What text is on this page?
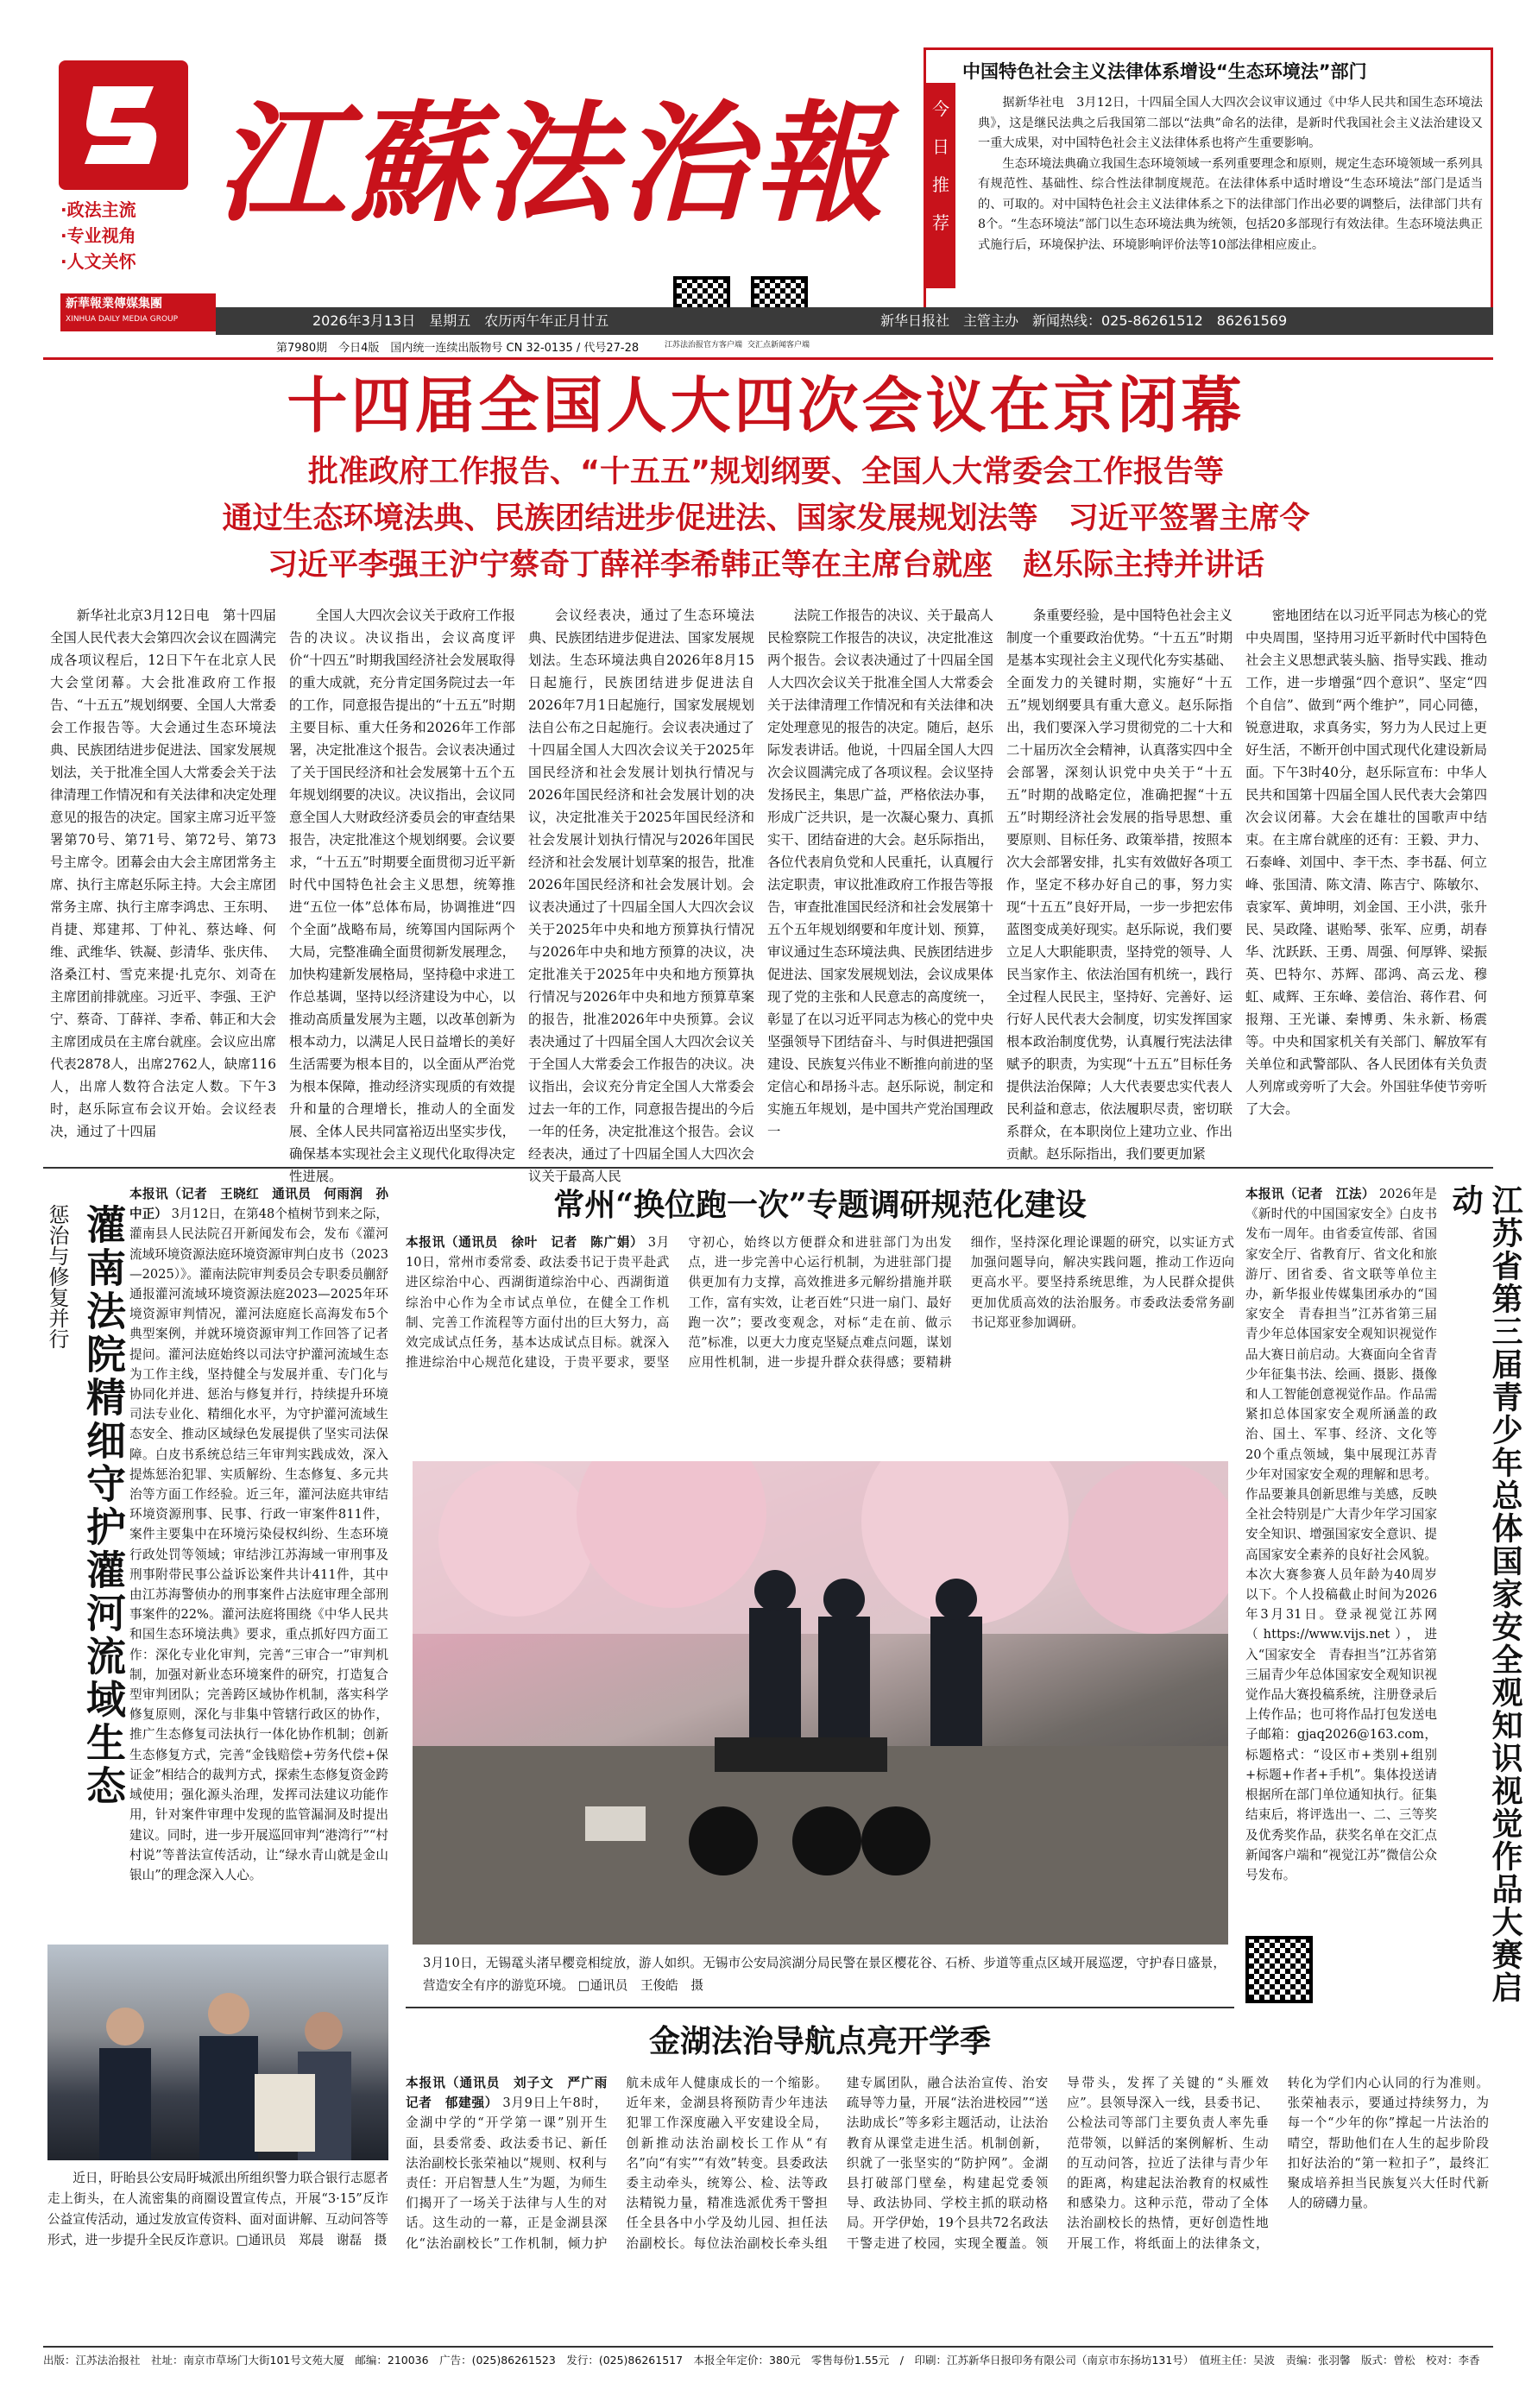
·政法主流
·专业视角
·人文关怀
新華報業傳媒集團
XINHUA DAILY MEDIA GROUP
江蘇法治報
江苏法治报官方客户端 交汇点新闻客户端
今
日
推
荐
中国特色社会主义法律体系增设“生态环境法”部门

据新华社电　3月12日，十四届全国人大四次会议审议通过《中华人民共和国生态环境法典》，这是继民法典之后我国第二部以“法典”命名的法律，是新时代我国社会主义法治建设又一重大成果，对中国特色社会主义法律体系也将产生重要影响。

生态环境法典确立我国生态环境领域一系列重要理念和原则，规定生态环境领域一系列具有规范性、基础性、综合性法律制度规范。在法律体系中适时增设“生态环境法”部门是适当的、可取的。对中国特色社会主义法律体系之下的法律部门作出必要的调整后，法律部门共有8个。“生态环境法”部门以生态环境法典为统领，包括20多部现行有效法律。生态环境法典正式施行后，环境保护法、环境影响评价法等10部法律相应废止。

2026年3月13日　星期五　农历丙午年正月廿五	新华日报社　主管主办　新闻热线：025-86261512　86261569
第7980期　今日4版　国内统一连续出版物号 CN 32-0135 / 代号27-28
十四届全国人大四次会议在京闭幕
批准政府工作报告、“十五五”规划纲要、全国人大常委会工作报告等
通过生态环境法典、民族团结进步促进法、国家发展规划法等　习近平签署主席令
习近平李强王沪宁蔡奇丁薛祥李希韩正等在主席台就座　赵乐际主持并讲话

新华社北京3月12日电　第十四届全国人民代表大会第四次会议在圆满完成各项议程后，12日下午在北京人民大会堂闭幕。大会批准政府工作报告、“十五五”规划纲要、全国人大常委会工作报告等。大会通过生态环境法典、民族团结进步促进法、国家发展规划法，关于批准全国人大常委会关于法律清理工作情况和有关法律和决定处理意见的报告的决定。国家主席习近平签署第70号、第71号、第72号、第73号主席令。团幕会由大会主席团常务主席、执行主席赵乐际主持。大会主席团常务主席、执行主席李鸿忠、王东明、肖捷、郑建邦、丁仲礼、蔡达峰、何维、武维华、铁凝、彭清华、张庆伟、洛桑江村、雪克来提·扎克尔、刘奇在主席团前排就座。习近平、李强、王沪宁、蔡奇、丁薛祥、李希、韩正和大会主席团成员在主席台就座。会议应出席代表2878人，出席2762人，缺席116人，出席人数符合法定人数。下午3时，赵乐际宣布会议开始。会议经表决，通过了十四届

全国人大四次会议关于政府工作报告的决议。决议指出，会议高度评价“十四五”时期我国经济社会发展取得的重大成就，充分肯定国务院过去一年的工作，同意报告提出的“十五五”时期主要目标、重大任务和2026年工作部署，决定批准这个报告。会议表决通过了关于国民经济和社会发展第十五个五年规划纲要的决议。决议指出，会议同意全国人大财政经济委员会的审查结果报告，决定批准这个规划纲要。会议要求，“十五五”时期要全面贯彻习近平新时代中国特色社会主义思想，统筹推进“五位一体”总体布局，协调推进“四个全面”战略布局，统筹国内国际两个大局，完整准确全面贯彻新发展理念，加快构建新发展格局，坚持稳中求进工作总基调，坚持以经济建设为中心，以推动高质量发展为主题，以改革创新为根本动力，以满足人民日益增长的美好生活需要为根本目的，以全面从严治党为根本保障，推动经济实现质的有效提升和量的合理增长，推动人的全面发展、全体人民共同富裕迈出坚实步伐，确保基本实现社会主义现代化取得决定性进展。

会议经表决，通过了生态环境法典、民族团结进步促进法、国家发展规划法。生态环境法典自2026年8月15日起施行，民族团结进步促进法自2026年7月1日起施行，国家发展规划法自公布之日起施行。会议表决通过了十四届全国人大四次会议关于2025年国民经济和社会发展计划执行情况与2026年国民经济和社会发展计划的决议，决定批准关于2025年国民经济和社会发展计划执行情况与2026年国民经济和社会发展计划草案的报告，批准2026年国民经济和社会发展计划。会议表决通过了十四届全国人大四次会议关于2025年中央和地方预算执行情况与2026年中央和地方预算的决议，决定批准关于2025年中央和地方预算执行情况与2026年中央和地方预算草案的报告，批准2026年中央预算。会议表决通过了十四届全国人大四次会议关于全国人大常委会工作报告的决议。决议指出，会议充分肯定全国人大常委会过去一年的工作，同意报告提出的今后一年的任务，决定批准这个报告。会议经表决，通过了十四届全国人大四次会议关于最高人民

法院工作报告的决议、关于最高人民检察院工作报告的决议，决定批准这两个报告。会议表决通过了十四届全国人大四次会议关于批准全国人大常委会关于法律清理工作情况和有关法律和决定处理意见的报告的决定。随后，赵乐际发表讲话。他说，十四届全国人大四次会议圆满完成了各项议程。会议坚持发扬民主，集思广益，严格依法办事，形成广泛共识，是一次凝心聚力、真抓实干、团结奋进的大会。赵乐际指出，各位代表肩负党和人民重托，认真履行法定职责，审议批准政府工作报告等报告，审查批准国民经济和社会发展第十五个五年规划纲要和年度计划、预算，审议通过生态环境法典、民族团结进步促进法、国家发展规划法，会议成果体现了党的主张和人民意志的高度统一，彰显了在以习近平同志为核心的党中央坚强领导下团结奋斗、与时俱进把强国建设、民族复兴伟业不断推向前进的坚定信心和昂扬斗志。赵乐际说，制定和实施五年规划，是中国共产党治国理政一

条重要经验，是中国特色社会主义制度一个重要政治优势。“十五五”时期是基本实现社会主义现代化夯实基础、全面发力的关键时期，实施好“十五五”规划纲要具有重大意义。赵乐际指出，我们要深入学习贯彻党的二十大和二十届历次全会精神，认真落实四中全会部署，深刻认识党中央关于“十五五”时期的战略定位，准确把握“十五五”时期经济社会发展的指导思想、重要原则、目标任务、政策举措，按照本次大会部署安排，扎实有效做好各项工作，坚定不移办好自己的事，努力实现“十五五”良好开局，一步一步把宏伟蓝图变成美好现实。赵乐际说，我们要立足人大职能职责，坚持党的领导、人民当家作主、依法治国有机统一，践行全过程人民民主，坚持好、完善好、运行好人民代表大会制度，切实发挥国家根本政治制度优势，认真履行宪法法律赋予的职责，为实现“十五五”目标任务提供法治保障；人大代表要忠实代表人民利益和意志，依法履职尽责，密切联系群众，在本职岗位上建功立业、作出贡献。赵乐际指出，我们要更加紧

密地团结在以习近平同志为核心的党中央周围，坚持用习近平新时代中国特色社会主义思想武装头脑、指导实践、推动工作，进一步增强“四个意识”、坚定“四个自信”、做到“两个维护”，同心同德，锐意进取，求真务实，努力为人民过上更好生活，不断开创中国式现代化建设新局面。下午3时40分，赵乐际宣布：中华人民共和国第十四届全国人民代表大会第四次会议闭幕。大会在雄壮的国歌声中结束。在主席台就座的还有：王毅、尹力、石泰峰、刘国中、李干杰、李书磊、何立峰、张国清、陈文清、陈吉宁、陈敏尔、袁家军、黄坤明，刘金国、王小洪，张升民、吴政隆、谌贻琴、张军、应勇，胡春华、沈跃跃、王勇、周强、何厚铧、梁振英、巴特尔、苏辉、邵鸿、高云龙、穆虹、咸辉、王东峰、姜信治、蒋作君、何报翔、王光谦、秦博勇、朱永新、杨震等。中央和国家机关有关部门、解放军有关单位和武警部队、各人民团体有关负责人列席或旁听了大会。外国驻华使节旁听了大会。

惩治与修复并行 灌南法院精细守护灌河流域生态
本报讯（记者　王晓红　通讯员　何雨润　孙中正） 3月12日，在第48个植树节到来之际，灌南县人民法院召开新闻发布会，发布《灌河流域环境资源法庭环境资源审判白皮书（2023—2025）》。灌南法院审判委员会专职委员蒯舒通报灌河流域环境资源法庭2023—2025年环境资源审判情况，灌河法庭庭长高海发布5个典型案例，并就环境资源审判工作回答了记者提问。灌河法庭始终以司法守护灌河流域生态为工作主线，坚持健全与发展并重、专门化与协同化并进、惩治与修复并行，持续提升环境司法专业化、精细化水平，为守护灌河流域生态安全、推动区域绿色发展提供了坚实司法保障。白皮书系统总结三年审判实践成效，深入提炼惩治犯罪、实质解纷、生态修复、多元共治等方面工作经验。近三年，灌河法庭共审结环境资源刑事、民事、行政一审案件811件，案件主要集中在环境污染侵权纠纷、生态环境行政处罚等领域；审结涉江苏海域一审刑事及刑事附带民事公益诉讼案件共计411件，其中由江苏海警侦办的刑事案件占法庭审理全部刑事案件的22%。灌河法庭将围绕《中华人民共和国生态环境法典》要求，重点抓好四方面工作：深化专业化审判，完善“三审合一”审判机制，加强对新业态环境案件的研究，打造复合型审判团队；完善跨区域协作机制，落实科学修复原则，深化与非集中管辖行政区的协作，推广生态修复司法执行一体化协作机制；创新生态修复方式，完善“金钱赔偿+劳务代偿+保证金”相结合的裁判方式，探索生态修复资金跨域使用；强化源头治理，发挥司法建议功能作用，针对案件审理中发现的监管漏洞及时提出建议。同时，进一步开展巡回审判“港湾行”“村村说”等普法宣传活动，让“绿水青山就是金山银山”的理念深入人心。

近日，盱眙县公安局盱城派出所组织警力联合银行志愿者走上街头，在人流密集的商圈设置宣传点，开展“3·15”反诈公益宣传活动，通过发放宣传资料、面对面讲解、互动问答等形式，进一步提升全民反诈意识。□通讯员　郑晨　谢磊　摄

常州“换位跑一次”专题调研规范化建设
本报讯（通讯员　徐叶　记者　陈广娟） 3月10日，常州市委常委、政法委书记于贵平赴武进区综治中心、西湖街道综治中心、西湖街道综治中心作为全市试点单位，在健全工作机制、完善工作流程等方面付出的巨大努力，高效完成试点任务，基本达成试点目标。就深入推进综治中心规范化建设，于贵平要求，要坚守初心，始终以方便群众和进驻部门为出发点，进一步完善中心运行机制，为进驻部门提供更加有力支撑，高效推进多元解纷措施并联工作，富有实效，让老百姓“只进一扇门、最好跑一次”；要改变观念，对标“走在前、做示范”标准，以更大力度克坚疑点难点问题，谋划应用性机制，进一步提升群众获得感；要精耕细作，坚持深化理论课题的研究，以实证方式加强问题导向，解决实践问题，推动工作迈向更高水平。要坚持系统思维，为人民群众提供更加优质高效的法治服务。市委政法委常务副书记郑亚参加调研。
3月10日，无锡鼋头渚早樱竞相绽放，游人如织。无锡市公安局滨湖分局民警在景区樱花谷、石桥、步道等重点区域开展巡逻，守护春日盛景，营造安全有序的游览环境。 □通讯员　王俊皓　摄
本报讯（记者　江法） 2026年是《新时代的中国国家安全》白皮书发布一周年。由省委宣传部、省国家安全厅、省教育厅、省文化和旅游厅、团省委、省文联等单位主办，新华报业传媒集团承办的“国家安全　青春担当”江苏省第三届青少年总体国家安全观知识视觉作品大赛日前启动。大赛面向全省青少年征集书法、绘画、摄影、摄像和人工智能创意视觉作品。作品需紧扣总体国家安全观所涵盖的政治、国土、军事、经济、文化等20个重点领域，集中展现江苏青少年对国家安全观的理解和思考。作品要兼具创新思维与美感，反映全社会特别是广大青少年学习国家安全知识、增强国家安全意识、提高国家安全素养的良好社会风貌。本次大赛参赛人员年龄为40周岁以下。个人投稿截止时间为2026年3月31日。登录视觉江苏网（https://www.vijs.net），进入“国家安全　青春担当”江苏省第三届青少年总体国家安全观知识视觉作品大赛投稿系统，注册登录后上传作品；也可将作品打包发送电子邮箱：gjaq2026@163.com，标题格式：“设区市+类别+组别+标题+作者+手机”。集体投送请根据所在部门单位通知执行。征集结束后，将评选出一、二、三等奖及优秀奖作品，获奖名单在交汇点新闻客户端和“视觉江苏”微信公众号发布。	江苏省第三届青少年总体国家安全观知识视觉作品大赛启动
金湖法治导航点亮开学季
本报讯（通讯员　刘子文　严广雨　记者　郁建强） 3月9日上午8时，金湖中学的“开学第一课”别开生面，县委常委、政法委书记、新任法治副校长张荣袖以“规则、权利与责任：开启智慧人生”为题，为师生们揭开了一场关于法律与人生的对话。这生动的一幕，正是金湖县深化“法治副校长”工作机制，倾力护航未成年人健康成长的一个缩影。近年来，金湖县将预防青少年违法犯罪工作深度融入平安建设全局，创新推动法治副校长工作从“有名”向“有实”“有效”转变。县委政法委主动牵头，统筹公、检、法等政法精锐力量，精准选派优秀干警担任全县各中小学及幼儿园、担任法治副校长。每位法治副校长牵头组建专属团队，融合法治宣传、治安疏导等力量，开展“法治进校园”“送法助成长”等多彩主题活动，让法治教育从课堂走进生活。机制创新，织就了一张坚实的“防护网”。金湖县打破部门壁垒，构建起党委领导、政法协同、学校主抓的联动格局。开学伊始，19个县共72名政法干警走进了校园，实现全覆盖。领导带头，发挥了关键的“头雁效应”。县领导深入一线，县委书记、公检法司等部门主要负责人率先垂范带领，以鲜活的案例解析、生动的互动问答，拉近了法律与青少年的距离，构建起法治教育的权威性和感染力。这种示范，带动了全体法治副校长的热情，更好创造性地开展工作，将纸面上的法律条文，转化为学们内心认同的行为准则。张荣袖表示，要通过持续努力，为每一个“少年的你”撑起一片法治的晴空，帮助他们在人生的起步阶段扣好法治的“第一粒扣子”，最终汇聚成培养担当民族复兴大任时代新人的磅礴力量。
出版：江苏法治报社　社址：南京市草场门大街101号文苑大厦　邮编：210036　广告：(025)86261523　发行：(025)86261517　本报全年定价：380元　零售每份1.55元　/　印刷：江苏新华日报印务有限公司（南京市东扬坊131号）　值班主任：吴波　责编：张羽馨　版式：曾松　校对：李香
